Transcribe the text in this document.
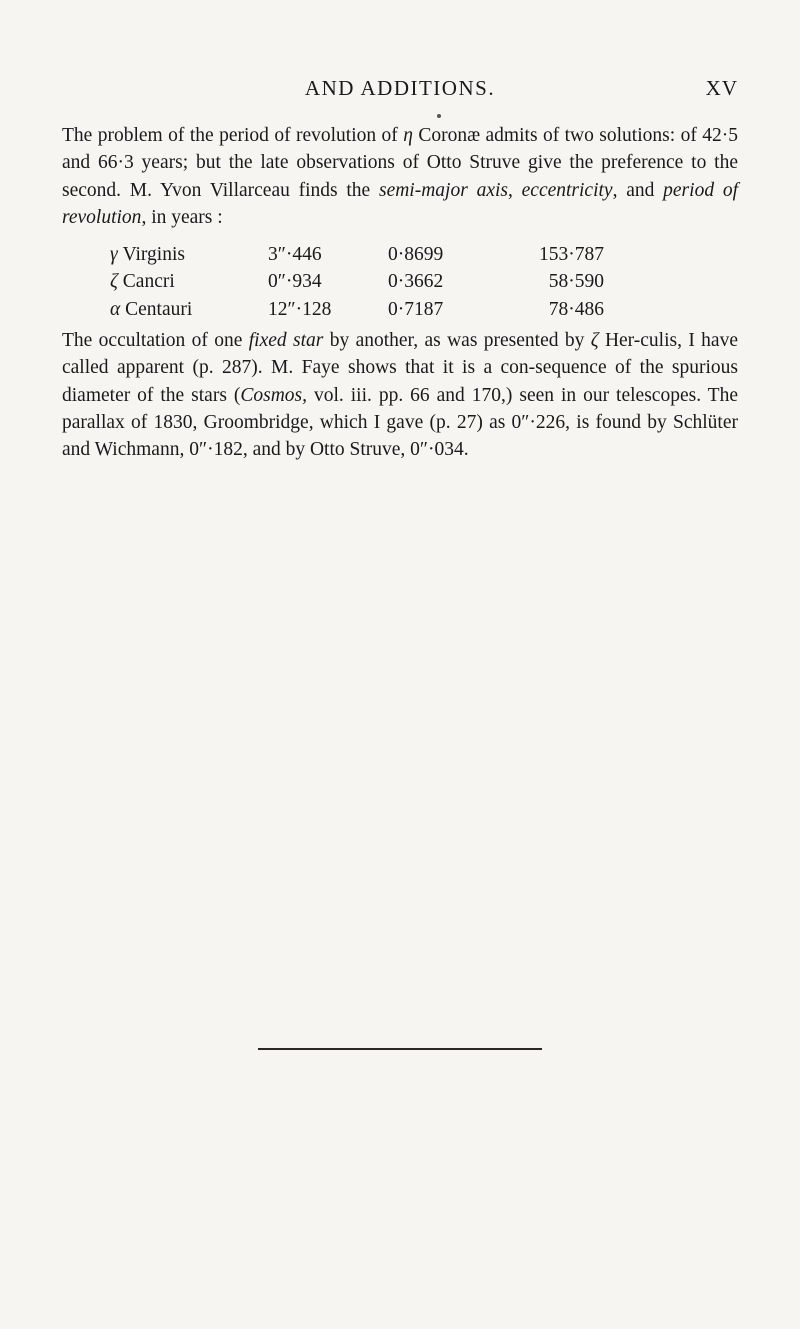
AND ADDITIONS.	XV

The problem of the period of revolution of η Coronæ admits of two solutions: of 42·5 and 66·3 years; but the late observations of Otto Struve give the preference to the second. M. Yvon Villarceau finds the semi-major axis, eccentricity, and period of revolution, in years :

γ Virginis	3″·446	0·8699	153·787
ζ Cancri	0″·934	0·3662	58·590
α Centauri	12″·128	0·7187	78·486

The occultation of one fixed star by another, as was presented by ζ Her-culis, I have called apparent (p. 287). M. Faye shows that it is a con-sequence of the spurious diameter of the stars (Cosmos, vol. iii. pp. 66 and 170,) seen in our telescopes. The parallax of 1830, Groombridge, which I gave (p. 27) as 0″·226, is found by Schlüter and Wichmann, 0″·182, and by Otto Struve, 0″·034.
